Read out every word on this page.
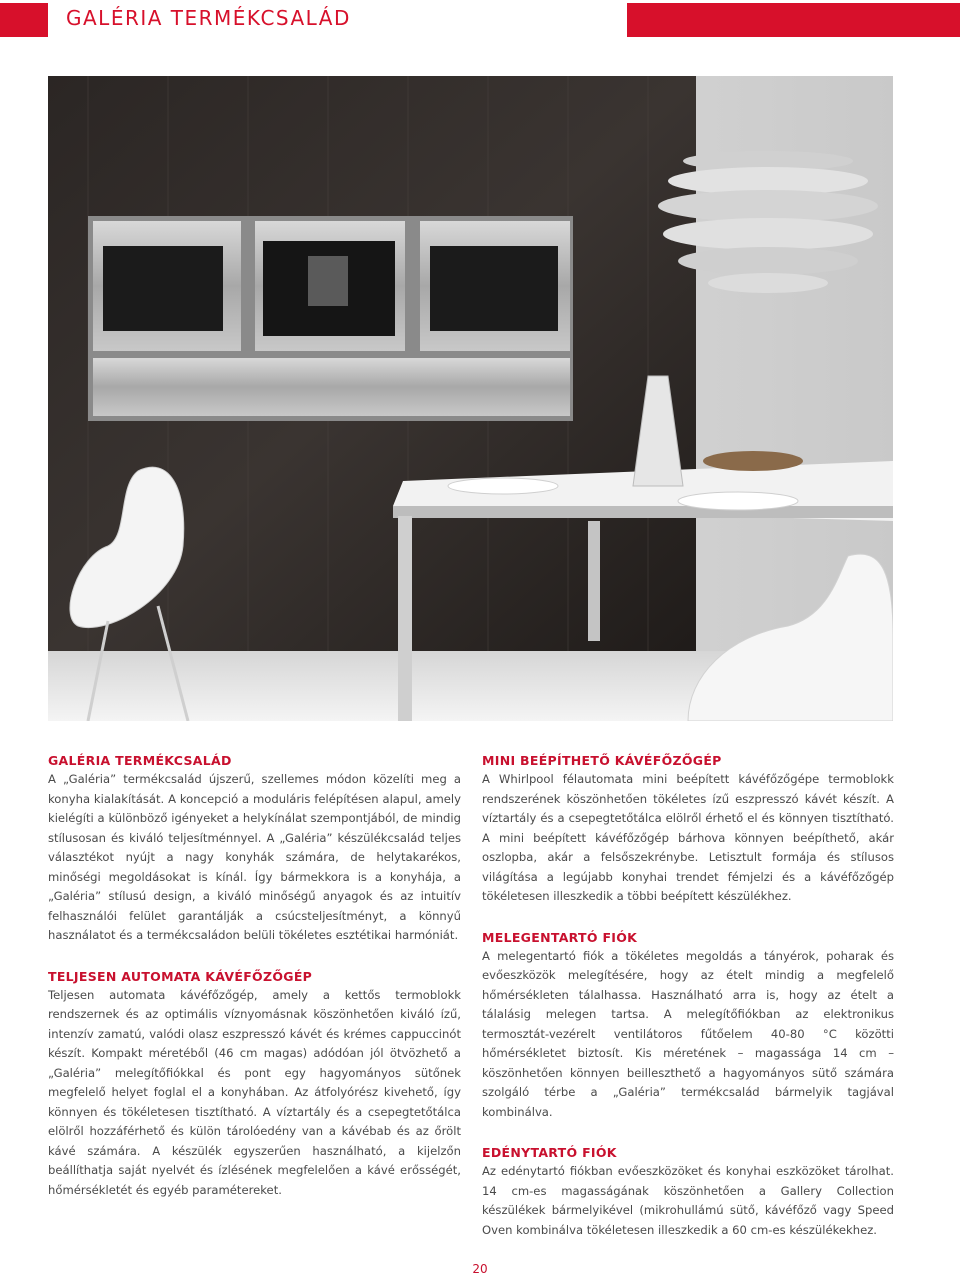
GALÉRIA TERMÉKCSALÁD
GALÉRIA TERMÉKCSALÁD
A „Galéria” termékcsalád újszerű, szellemes módon közelíti meg a konyha kialakítását. A koncepció a moduláris felépítésen alapul, amely kielégíti a különböző igényeket a helykínálat szempontjából, de mindig stílusosan és kiváló teljesítménnyel. A „Galéria” készülékcsalád teljes választékot nyújt a nagy konyhák számára, de helytakarékos, minőségi megoldásokat is kínál. Így bármekkora is a konyhája, a „Galéria” stílusú design, a kiváló minőségű anyagok és az intuitív felhasználói felület garantálják a csúcsteljesítményt, a könnyű használatot és a termékcsaládon belüli tökéletes esztétikai harmóniát.
TELJESEN AUTOMATA KÁVÉFŐZŐGÉP
Teljesen automata kávéfőzőgép, amely a kettős termoblokk rendszernek és az optimális víznyomásnak köszönhetően kiváló ízű, intenzív zamatú, valódi olasz eszpresszó kávét és krémes cappuccinót készít. Kompakt méretéből (46 cm magas) adódóan jól ötvözhető a „Galéria” melegítőfiókkal és pont egy hagyományos sütőnek megfelelő helyet foglal el a konyhában. Az átfolyórész kivehető, így könnyen és tökéletesen tisztítható. A víztartály és a csepegtetőtálca elölről hozzáférhető és külön tárolóedény van a kávébab és az őrölt kávé számára. A készülék egyszerűen használható, a kijelzőn beállíthatja saját nyelvét és ízlésének megfelelően a kávé erősségét, hőmérsékletét és egyéb paramétereket.
MINI BEÉPÍTHETŐ KÁVÉFŐZŐGÉP
A Whirlpool félautomata mini beépített kávéfőzőgépe termoblokk rendszerének köszönhetően tökéletes ízű eszpresszó kávét készít. A víztartály és a csepegtetőtálca elölről érhető el és könnyen tisztítható. A mini beépített kávéfőzőgép bárhova könnyen beépíthető, akár oszlopba, akár a felsőszekrénybe. Letisztult formája és stílusos világítása a legújabb konyhai trendet fémjelzi és a kávéfőzőgép tökéletesen illeszkedik a többi beépített készülékhez.
MELEGENTARTÓ FIÓK
A melegentartó fiók a tökéletes megoldás a tányérok, poharak és evőeszközök melegítésére, hogy az ételt mindig a megfelelő hőmérsékleten tálalhassa. Használható arra is, hogy az ételt a tálalásig melegen tartsa. A melegítőfiókban az elektronikus termosztát-vezérelt ventilátoros fűtőelem 40-80 °C közötti hőmérsékletet biztosít. Kis méretének – magassága 14 cm – köszönhetően könnyen beilleszthető a hagyományos sütő számára szolgáló térbe a „Galéria” termékcsalád bármelyik tagjával kombinálva.
EDÉNYTARTÓ FIÓK
Az edénytartó fiókban evőeszközöket és konyhai eszközöket tárolhat. 14 cm-es magasságának köszönhetően a Gallery Collection készülékek bármelyikével (mikrohullámú sütő, kávéfőző vagy Speed Oven kombinálva tökéletesen illeszkedik a 60 cm-es készülékekhez.
20
